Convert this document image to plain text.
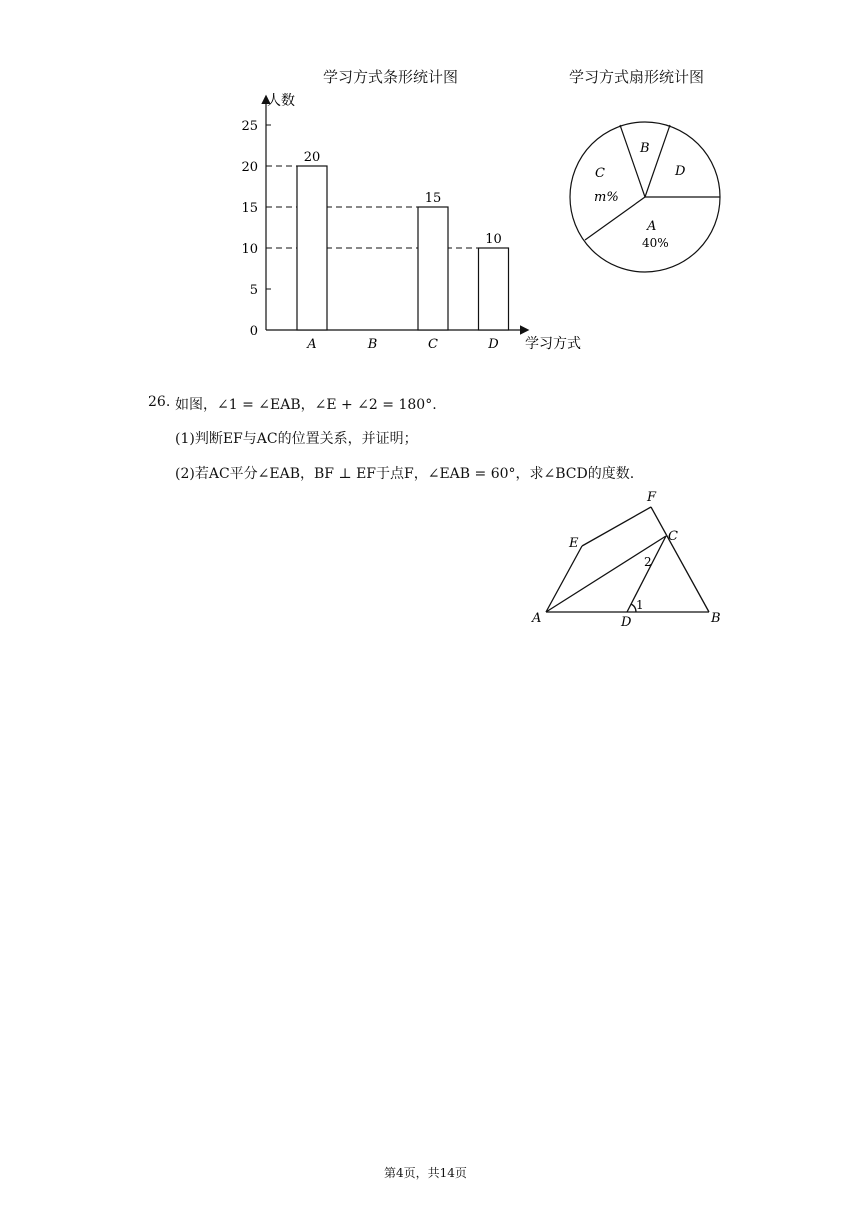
学习方式条形统计图	学习方式扇形统计图
人数
学习方式
0
5
10
15
20
25
20
15
10
A	B	C	D
B
D
C
m%
A
40%
26. 如图，∠1 = ∠EAB，∠E + ∠2 = 180°.
(1)判断EF与AC的位置关系，并证明；
(2)若AC平分∠EAB，BF ⊥ EF于点F，∠EAB = 60°，求∠BCD的度数.
A	B
C
D
E
F
1
2
第4页，共14页
